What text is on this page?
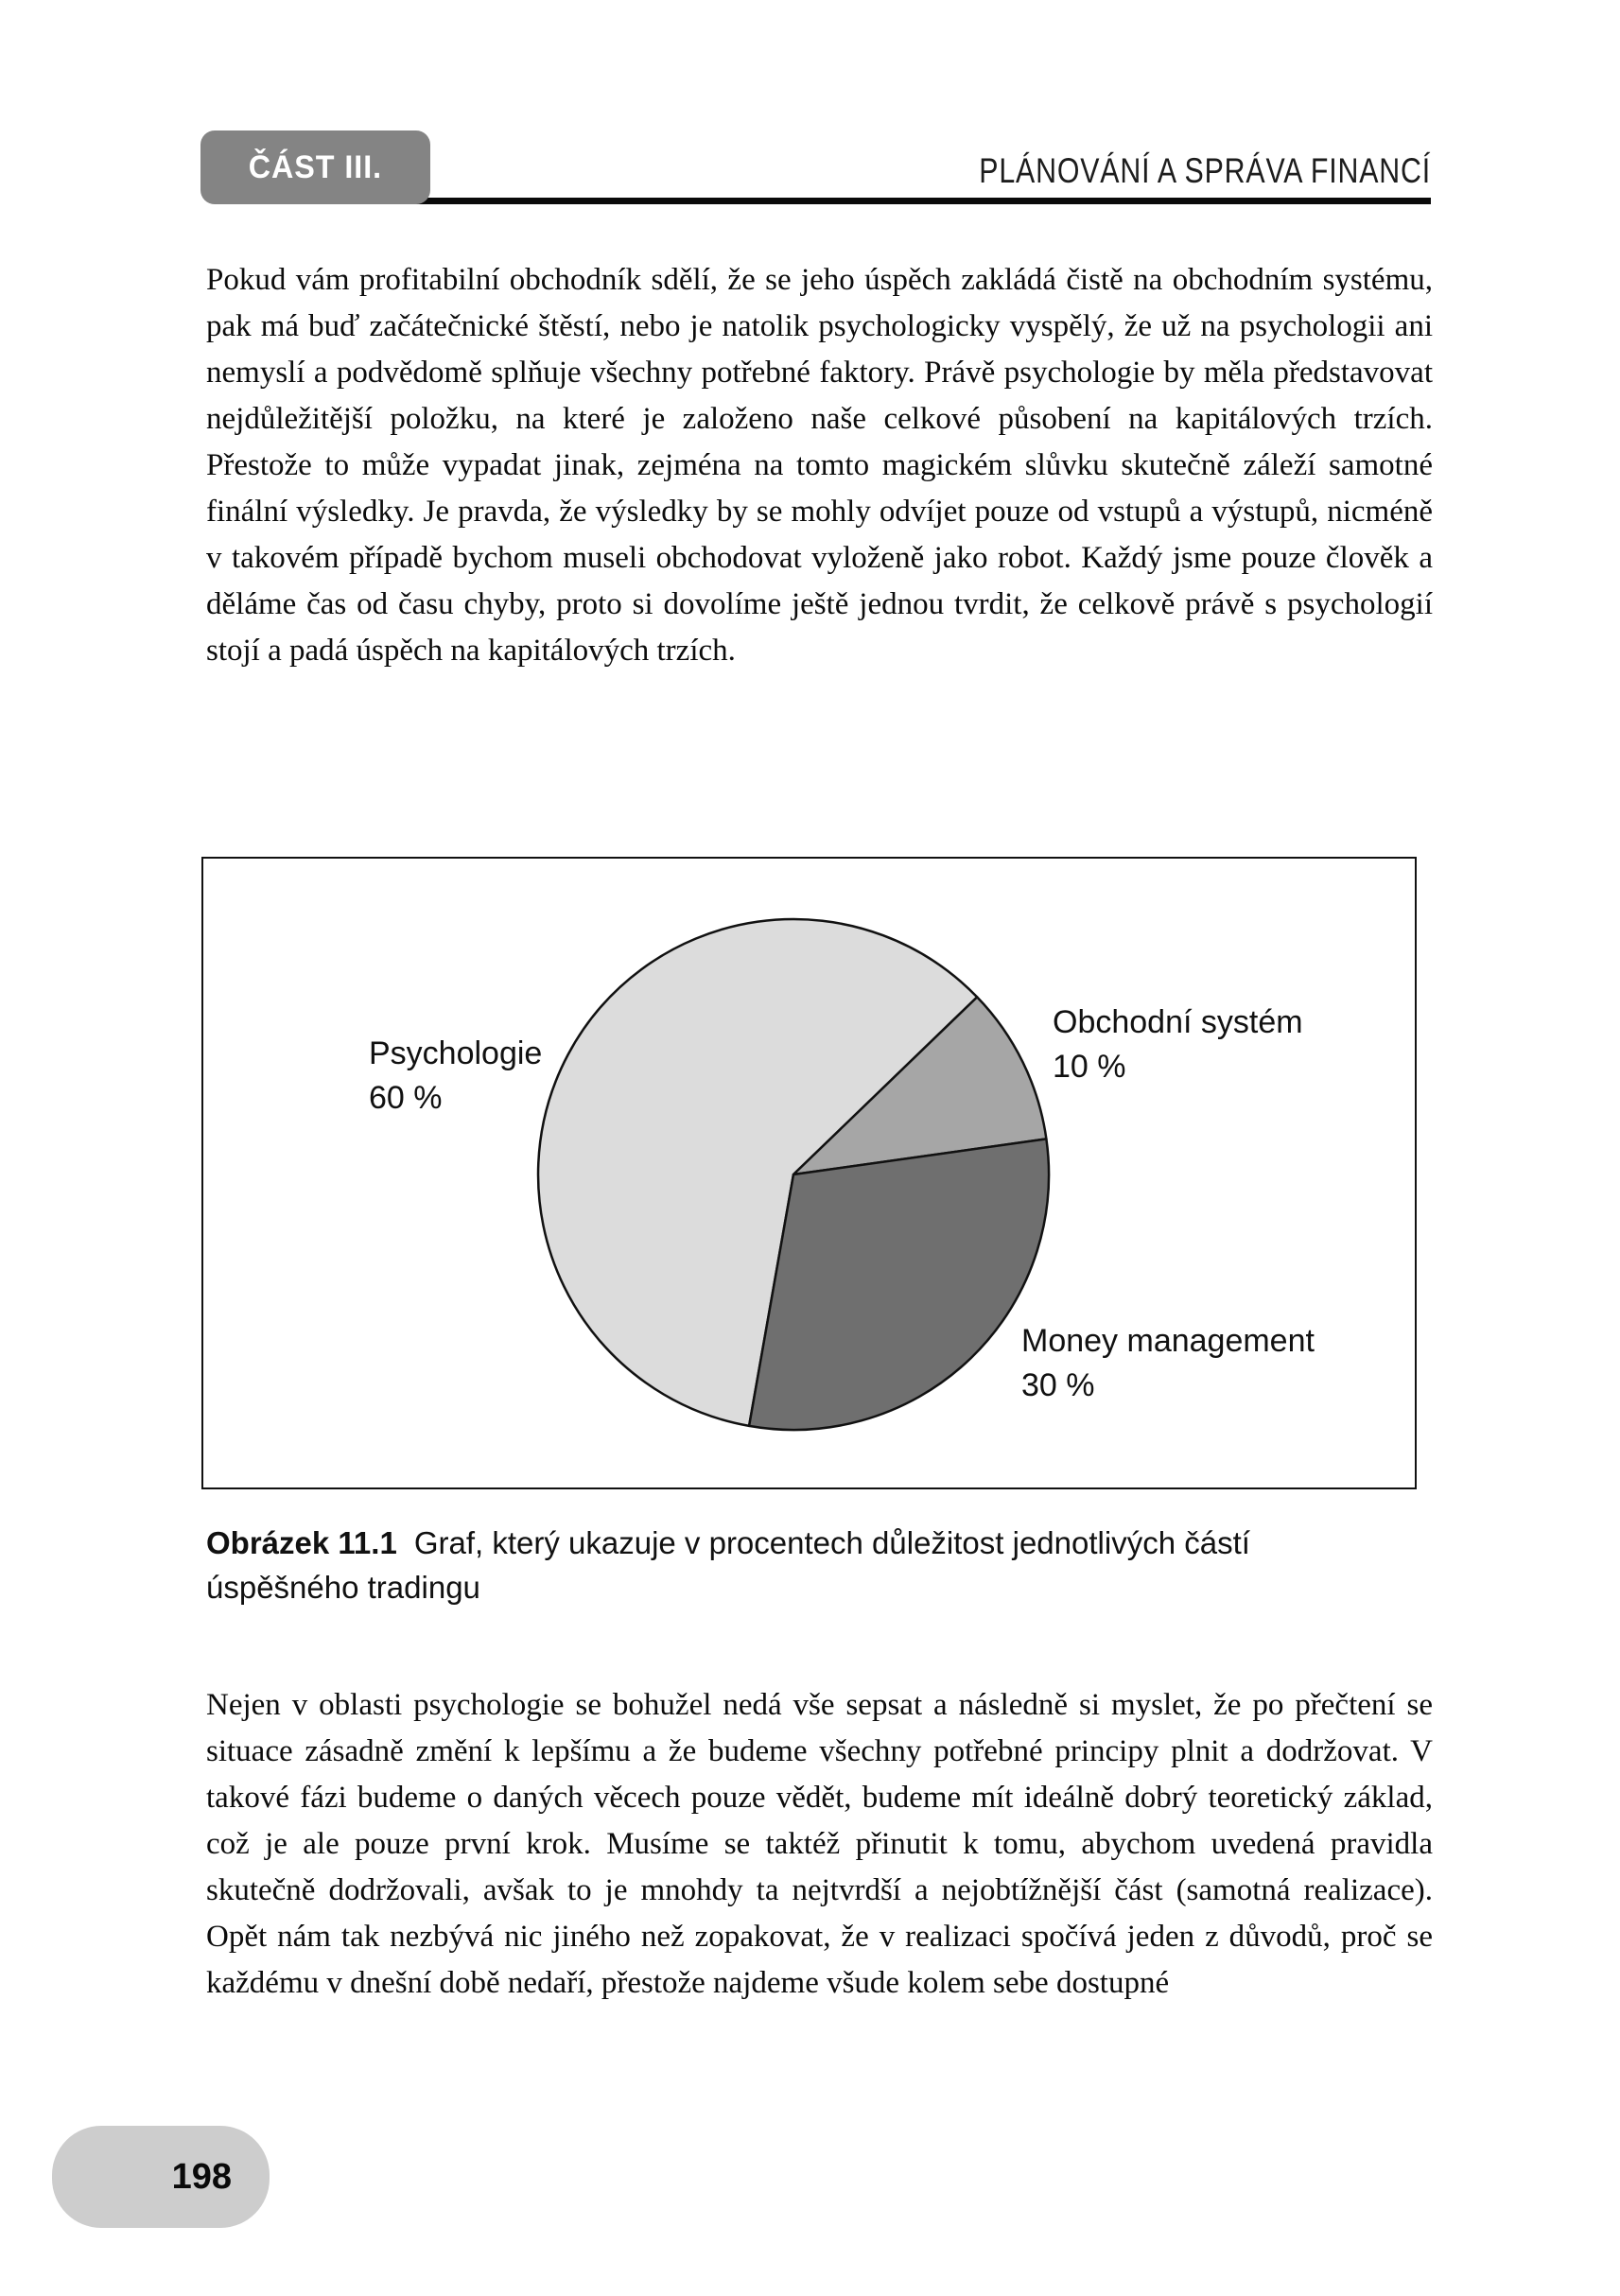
ČÁST III.	PLÁNOVÁNÍ A SPRÁVA FINANCÍ
Pokud vám profitabilní obchodník sdělí, že se jeho úspěch zakládá čistě na obchodním systému, pak má buď začátečnické štěstí, nebo je natolik psychologicky vyspělý, že už na psychologii ani nemyslí a podvědomě splňuje všechny potřebné faktory. Právě psychologie by měla představovat nejdůležitější položku, na které je založeno naše celkové působení na kapitálových trzích. Přestože to může vypadat jinak, zejména na tomto magickém slůvku skutečně záleží samotné finální výsledky. Je pravda, že výsledky by se mohly odvíjet pouze od vstupů a výstupů, nicméně v takovém případě bychom museli obchodovat vyloženě jako robot. Každý jsme pouze člověk a děláme čas od času chyby, proto si dovolíme ještě jednou tvrdit, že celkově právě s psychologií stojí a padá úspěch na kapitálových trzích.
Psychologie
60 %
Obchodní systém
10 %
Money management
30 %
Obrázek 11.1 Graf, který ukazuje v procentech důležitost jednotlivých částí úspěšného tradingu
Nejen v oblasti psychologie se bohužel nedá vše sepsat a následně si myslet, že po přečtení se situace zásadně změní k lepšímu a že budeme všechny potřebné principy plnit a dodržovat. V takové fázi budeme o daných věcech pouze vědět, budeme mít ideálně dobrý teoretický základ, což je ale pouze první krok. Musíme se taktéž přinutit k tomu, abychom uvedená pravidla skutečně dodržovali, avšak to je mnohdy ta nejtvrdší a nejobtížnější část (samotná realizace). Opět nám tak nezbývá nic jiného než zopakovat, že v realizaci spočívá jeden z důvodů, proč se každému v dnešní době nedaří, přestože najdeme všude kolem sebe dostupné
198
